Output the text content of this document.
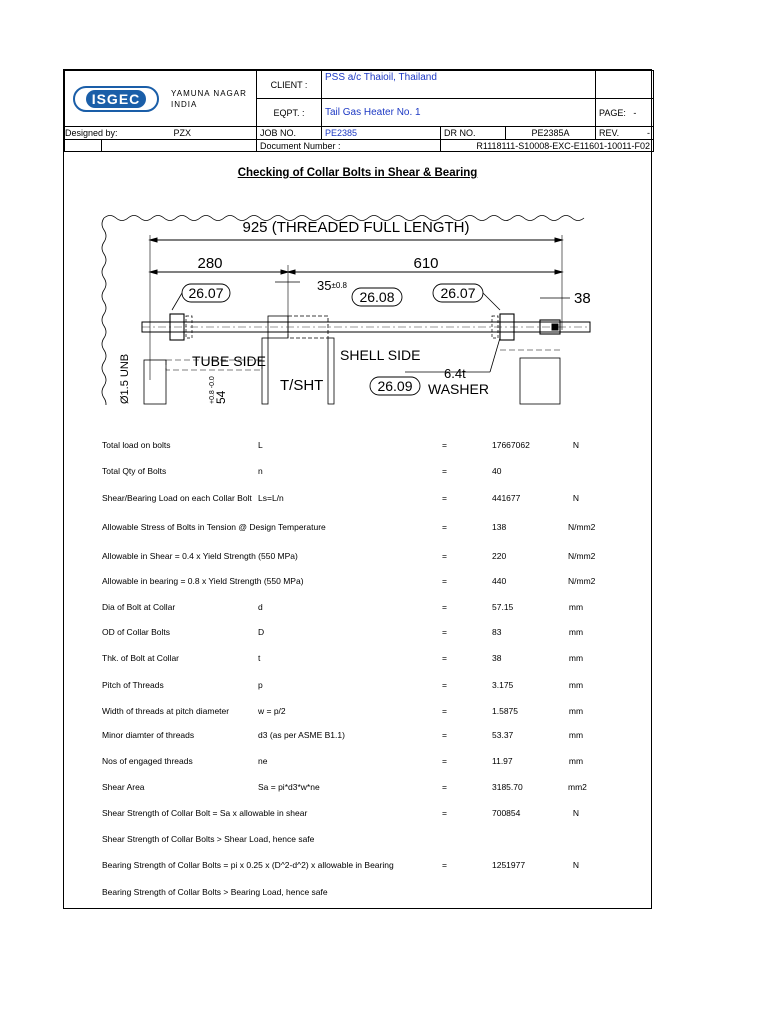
ISGEC YAMUNA NAGAR
INDIA		CLIENT :	PSS a/c Thaioil, Thailand			
		EQPT. :	Tail Gas Heater No. 1			PAGE: -
Designed by: PZX		JOB NO.	PE2385	DR NO.	PE2385A	REV. -

		Document Number :		R1118111-S10008-EXC-E11601-10011-F02		
Checking of Collar Bolts in Shear & Bearing
925 (THREADED FULL LENGTH)
280	610
35±0.8
26.07	26.08	26.07	38
TUBE SIDE	SHELL SIDE
T/SHT
6.4t
26.09 WASHER
Ø1.5 UNB	54
+0.8 -0.0
Total load on bolts	L	=	17667062	N
Total Qty of Bolts	n	=	40
Shear/Bearing Load on each Collar Bolt Ls=L/n	=	441677	N
Allowable Stress of Bolts in Tension @ Design Temperature	=	138	N/mm2
Allowable in Shear = 0.4 x Yield Strength (550 MPa)	=	220	N/mm2
Allowable in bearing = 0.8 x Yield Strength (550 MPa)	=	440	N/mm2
Dia of Bolt at Collar	d	=	57.15	mm
OD of Collar Bolts	D	=	83	mm
Thk. of Bolt at Collar	t	=	38	mm
Pitch of Threads	p	=	3.175	mm
Width of threads at pitch diameter	w = p/2	=	1.5875	mm
Minor diamter of threads	d3 (as per ASME B1.1)	=	53.37	mm
Nos of engaged threads	ne	=	11.97	mm
Shear Area	Sa = pi*d3*w*ne	=	3185.70	mm2
Shear Strength of Collar Bolt = Sa x allowable in shear	=	700854	N
Shear Strength of Collar Bolts > Shear Load, hence safe
Bearing Strength of Collar Bolts = pi x 0.25 x (D^2-d^2) x allowable in Bearing	=	1251977	N
Bearing Strength of Collar Bolts > Bearing Load, hence safe
